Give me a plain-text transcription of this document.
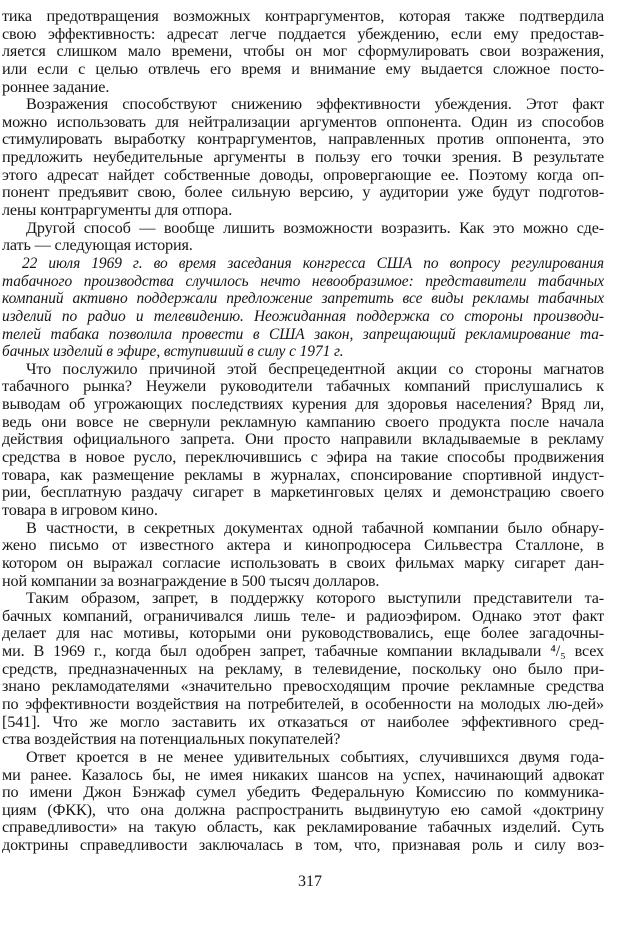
тика предотвращения возможных контраргументов, которая также подтвердила
свою эффективность: адресат легче поддается убеждению, если ему предостав-
ляется слишком мало времени, чтобы он мог сформулировать свои возражения,
или если с целью отвлечь его время и внимание ему выдается сложное посто-
роннее задание.
Возражения способствуют снижению эффективности убеждения. Этот факт
можно использовать для нейтрализации аргументов оппонента. Один из способов
стимулировать выработку контраргументов, направленных против оппонента, это
предложить неубедительные аргументы в пользу его точки зрения. В результате
этого адресат найдет собственные доводы, опровергающие ее. Поэтому когда оп-
понент предъявит свою, более сильную версию, у аудитории уже будут подготов-
лены контраргументы для отпора.
Другой способ — вообще лишить возможности возразить. Как это можно сде-
лать — следующая история.
22 июля 1969 г. во время заседания конгресса США по вопросу регулирования
табачного производства случилось нечто невообразимое: представители табачных
компаний активно поддержали предложение запретить все виды рекламы табачных
изделий по радио и телевидению. Неожиданная поддержка со стороны производи-
телей табака позволила провести в США закон, запрещающий рекламирование та-
бачных изделий в эфире, вступивший в силу с 1971 г.
Что послужило причиной этой беспрецедентной акции со стороны магнатов
табачного рынка? Неужели руководители табачных компаний прислушались к
выводам об угрожающих последствиях курения для здоровья населения? Вряд ли,
ведь они вовсе не свернули рекламную кампанию своего продукта после начала
действия официального запрета. Они просто направили вкладываемые в рекламу
средства в новое русло, переключившись с эфира на такие способы продвижения
товара, как размещение рекламы в журналах, спонсирование спортивной индуст-
рии, бесплатную раздачу сигарет в маркетинговых целях и демонстрацию своего
товара в игровом кино.
В частности, в секретных документах одной табачной компании было обнару-
жено письмо от известного актера и кинопродюсера Сильвестра Сталлоне, в
котором он выражал согласие использовать в своих фильмах марку сигарет дан-
ной компании за вознаграждение в 500 тысяч долларов.
Таким образом, запрет, в поддержку которого выступили представители та-
бачных компаний, ограничивался лишь теле- и радиоэфиром. Однако этот факт
делает для нас мотивы, которыми они руководствовались, еще более загадочны-
ми. В 1969 г., когда был одобрен запрет, табачные компании вкладывали ⁴/₅ всех
средств, предназначенных на рекламу, в телевидение, поскольку оно было при-
знано рекламодателями «значительно превосходящим прочие рекламные средства
по эффективности воздействия на потребителей, в особенности на молодых лю-дей»
[541]. Что же могло заставить их отказаться от наиболее эффективного сред-
ства воздействия на потенциальных покупателей?
Ответ кроется в не менее удивительных событиях, случившихся двумя года-
ми ранее. Казалось бы, не имея никаких шансов на успех, начинающий адвокат
по имени Джон Бэнжаф сумел убедить Федеральную Комиссию по коммуника-
циям (ФКК), что она должна распространить выдвинутую ею самой «доктрину
справедливости» на такую область, как рекламирование табачных изделий. Суть
доктрины справедливости заключалась в том, что, признавая роль и силу воз-
317
